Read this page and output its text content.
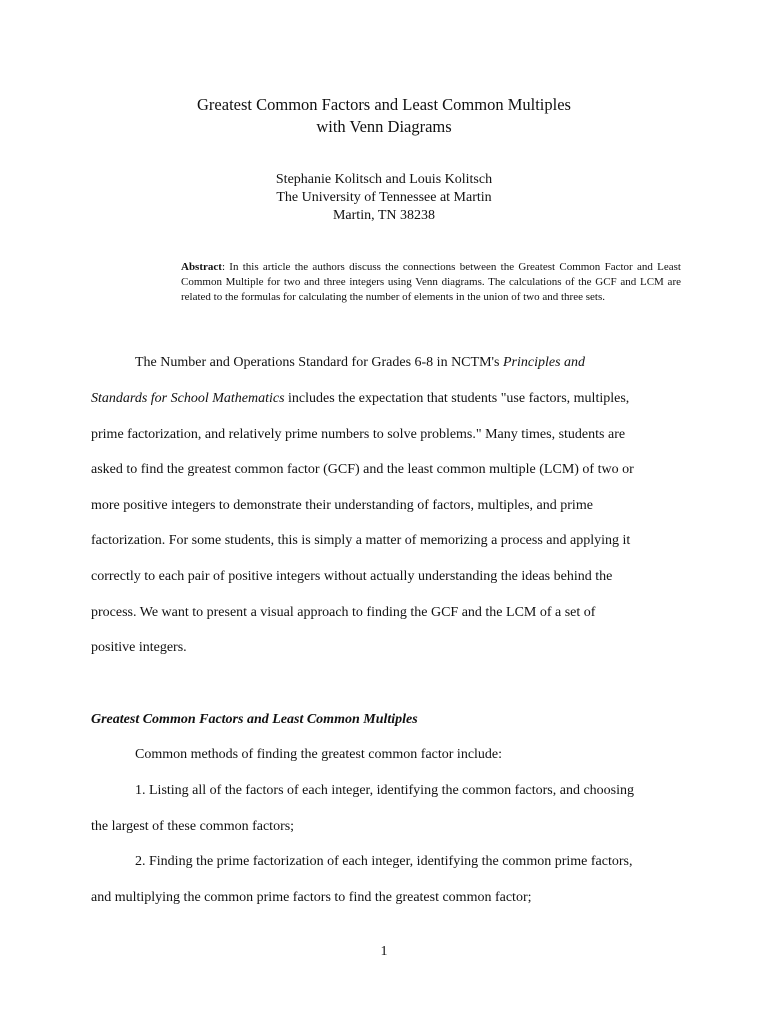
Greatest Common Factors and Least Common Multiples
with Venn Diagrams
Stephanie Kolitsch and Louis Kolitsch
The University of Tennessee at Martin
Martin, TN 38238
Abstract: In this article the authors discuss the connections between the Greatest Common Factor and Least Common Multiple for two and three integers using Venn diagrams. The calculations of the GCF and LCM are related to the formulas for calculating the number of elements in the union of two and three sets.
The Number and Operations Standard for Grades 6-8 in NCTM's Principles and
Standards for School Mathematics includes the expectation that students "use factors, multiples,
prime factorization, and relatively prime numbers to solve problems." Many times, students are
asked to find the greatest common factor (GCF) and the least common multiple (LCM) of two or
more positive integers to demonstrate their understanding of factors, multiples, and prime
factorization. For some students, this is simply a matter of memorizing a process and applying it
correctly to each pair of positive integers without actually understanding the ideas behind the
process. We want to present a visual approach to finding the GCF and the LCM of a set of
positive integers.
Greatest Common Factors and Least Common Multiples
Common methods of finding the greatest common factor include:
1. Listing all of the factors of each integer, identifying the common factors, and choosing
the largest of these common factors;
2. Finding the prime factorization of each integer, identifying the common prime factors,
and multiplying the common prime factors to find the greatest common factor;
1
